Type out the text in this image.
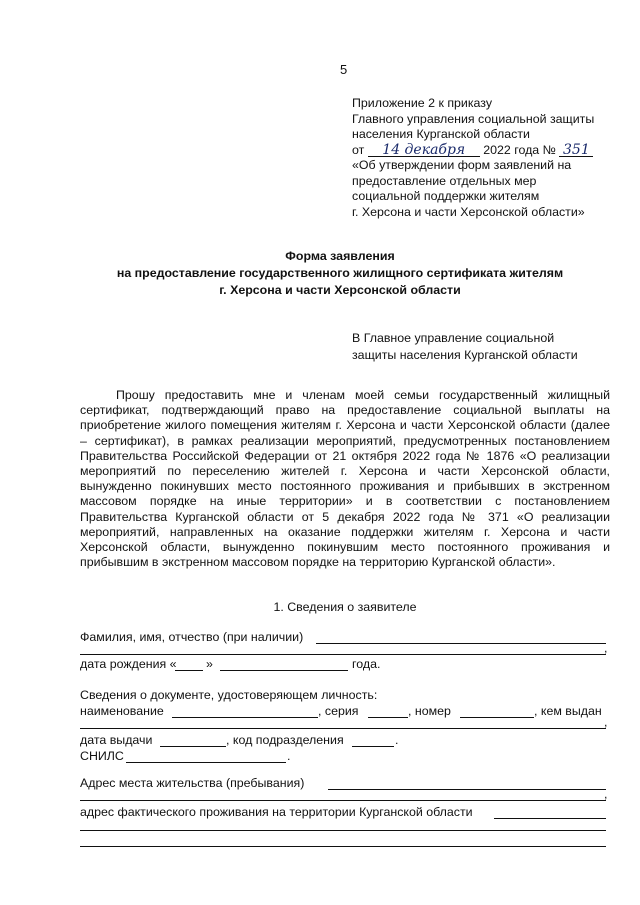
5
Приложение 2 к приказу
Главного управления социальной защиты
населения Курганской области
от 14 декабря 2022 года № 351
«Об утверждении форм заявлений на
предоставление отдельных мер
социальной поддержки жителям
г. Херсона и части Херсонской области»
Форма заявления
на предоставление государственного жилищного сертификата жителям
г. Херсона и части Херсонской области
В Главное управление социальной
защиты населения Курганской области
Прошу предоставить мне и членам моей семьи государственный жилищный сертификат, подтверждающий право на предоставление социальной выплаты на приобретение жилого помещения жителям г. Херсона и части Херсонской области (далее – сертификат), в рамках реализации мероприятий, предусмотренных постановлением Правительства Российской Федерации от 21 октября 2022 года № 1876 «О реализации мероприятий по переселению жителей г. Херсона и части Херсонской области, вынужденно покинувших место постоянного проживания и прибывших в экстренном массовом порядке на иные территории» и в соответствии с постановлением Правительства Курганской области от 5 декабря 2022 года № 371 «О реализации мероприятий, направленных на оказание поддержки жителям г. Херсона и части Херсонской области, вынужденно покинувшим место постоянного проживания и прибывшим в экстренном массовом порядке на территорию Курганской области».
1. Сведения о заявителе
Фамилия, имя, отчество (при наличии)
,
дата рождения « »	года.
Сведения о документе, удостоверяющем личность:
наименование	, серия	, номер	, кем выдан
,
дата выдачи	, код подразделения	.
СНИЛС	.
Адрес места жительства (пребывания)
,
адрес фактического проживания на территории Курганской области
